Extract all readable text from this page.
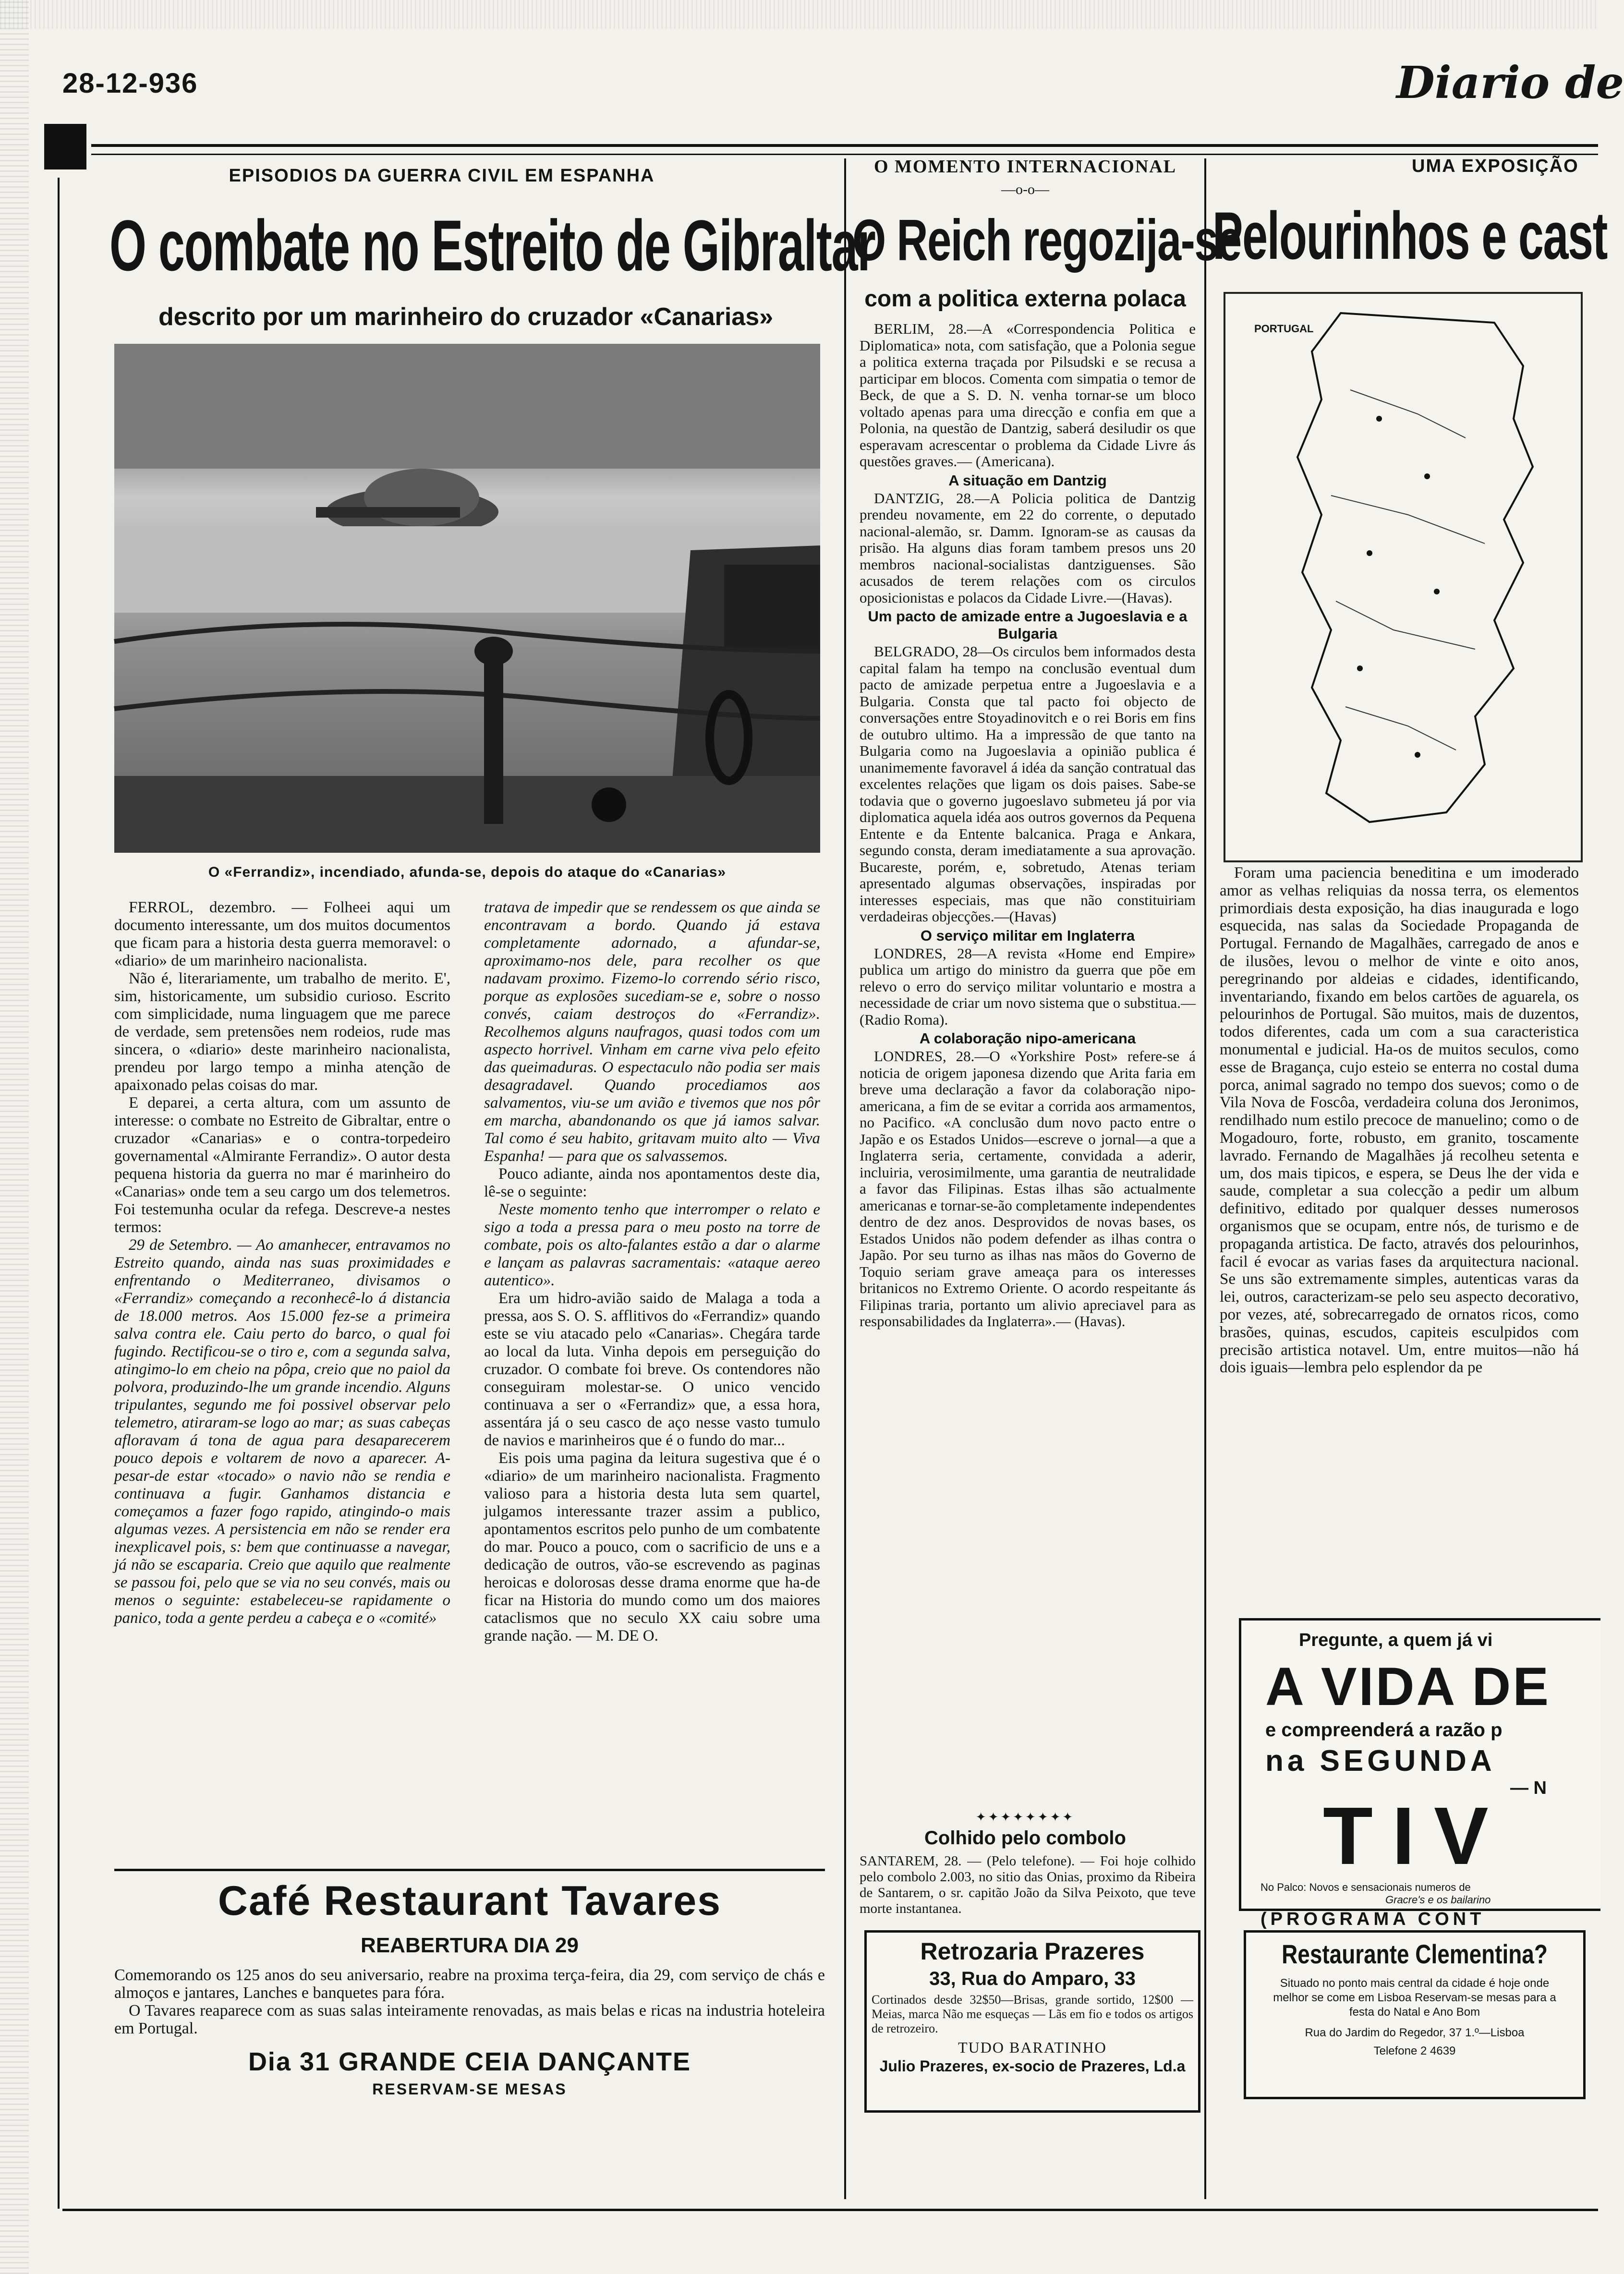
28-12-936	Diario de
EPISODIOS DA GUERRA CIVIL EM ESPANHA
O combate no Estreito de Gibraltar
descrito por um marinheiro do cruzador «Canarias»
O «Ferrandiz», incendiado, afunda-se, depois do ataque do «Canarias»

FERROL, dezembro. — Folheei aqui um documento interessante, um dos muitos documentos que ficam para a historia desta guerra memoravel: o «diario» de um marinheiro nacionalista.

Não é, literariamente, um trabalho de merito. E', sim, historicamente, um subsidio curioso. Escrito com simplicidade, numa linguagem que me parece de verdade, sem pretensões nem rodeios, rude mas sincera, o «diario» deste marinheiro nacionalista, prendeu por largo tempo a minha atenção de apaixonado pelas coisas do mar.

E deparei, a certa altura, com um assunto de interesse: o combate no Estreito de Gibraltar, entre o cruzador «Canarias» e o contra-torpedeiro governamental «Almirante Ferrandiz». O autor desta pequena historia da guerra no mar é marinheiro do «Canarias» onde tem a seu cargo um dos telemetros. Foi testemunha ocular da refega. Descreve-a nestes termos:

29 de Setembro. — Ao amanhecer, entravamos no Estreito quando, ainda nas suas proximidades e enfrentando o Mediterraneo, divisamos o «Ferrandiz» começando a reconhecê-lo á distancia de 18.000 metros. Aos 15.000 fez-se a primeira salva contra ele. Caiu perto do barco, o qual foi fugindo. Rectificou-se o tiro e, com a segunda salva, atingimo-lo em cheio na pôpa, creio que no paiol da polvora, produzindo-lhe um grande incendio. Alguns tripulantes, segundo me foi possivel observar pelo telemetro, atiraram-se logo ao mar; as suas cabeças afloravam á tona de agua para desaparecerem pouco depois e voltarem de novo a aparecer. A-pesar-de estar «tocado» o navio não se rendia e continuava a fugir. Ganhamos distancia e começamos a fazer fogo rapido, atingindo-o mais algumas vezes. A persistencia em não se render era inexplicavel pois, s: bem que continuasse a navegar, já não se escaparia. Creio que aquilo que realmente se passou foi, pelo que se via no seu convés, mais ou menos o seguinte: estabeleceu-se rapidamente o panico, toda a gente perdeu a cabeça e o «comité»

tratava de impedir que se rendessem os que ainda se encontravam a bordo. Quando já estava completamente adornado, a afundar-se, aproximamo-nos dele, para recolher os que nadavam proximo. Fizemo-lo correndo sério risco, porque as explosões sucediam-se e, sobre o nosso convés, caiam destroços do «Ferrandiz». Recolhemos alguns naufragos, quasi todos com um aspecto horrivel. Vinham em carne viva pelo efeito das queimaduras. O espectaculo não podia ser mais desagradavel. Quando procediamos aos salvamentos, viu-se um avião e tivemos que nos pôr em marcha, abandonando os que já iamos salvar. Tal como é seu habito, gritavam muito alto — Viva Espanha! — para que os salvassemos.

Pouco adiante, ainda nos apontamentos deste dia, lê-se o seguinte:

Neste momento tenho que interromper o relato e sigo a toda a pressa para o meu posto na torre de combate, pois os alto-falantes estão a dar o alarme e lançam as palavras sacramentais: «ataque aereo autentico».

Era um hidro-avião saido de Malaga a toda a pressa, aos S. O. S. afflitivos do «Ferrandiz» quando este se viu atacado pelo «Canarias». Chegára tarde ao local da luta. Vinha depois em perseguição do cruzador. O combate foi breve. Os contendores não conseguiram molestar-se. O unico vencido continuava a ser o «Ferrandiz» que, a essa hora, assentára já o seu casco de aço nesse vasto tumulo de navios e marinheiros que é o fundo do mar...

Eis pois uma pagina da leitura sugestiva que é o «diario» de um marinheiro nacionalista. Fragmento valioso para a historia desta luta sem quartel, julgamos interessante trazer assim a publico, apontamentos escritos pelo punho de um combatente do mar. Pouco a pouco, com o sacrificio de uns e a dedicação de outros, vão-se escrevendo as paginas heroicas e dolorosas desse drama enorme que ha-de ficar na Historia do mundo como um dos maiores cataclismos que no seculo XX caiu sobre uma grande nação. — M. DE O.

Café Restaurant Tavares
REABERTURA DIA 29
Comemorando os 125 anos do seu aniversario, reabre na proxima terça-feira, dia 29, com serviço de chás e almoços e jantares, Lanches e banquetes para fóra.
O Tavares reaparece com as suas salas inteiramente renovadas, as mais belas e ricas na industria hoteleira em Portugal.
Dia 31 GRANDE CEIA DANÇANTE
RESERVAM-SE MESAS
O MOMENTO INTERNACIONAL
—o-o—
O Reich regozija-se
com a politica externa polaca

BERLIM, 28.—A «Correspondencia Politica e Diplomatica» nota, com satisfação, que a Polonia segue a politica externa traçada por Pilsudski e se recusa a participar em blocos. Comenta com simpatia o temor de Beck, de que a S. D. N. venha tornar-se um bloco voltado apenas para uma direcção e confia em que a Polonia, na questão de Dantzig, saberá desiludir os que esperavam acrescentar o problema da Cidade Livre ás questões graves.— (Americana).

A situação em Dantzig

DANTZIG, 28.—A Policia politica de Dantzig prendeu novamente, em 22 do corrente, o deputado nacional-alemão, sr. Damm. Ignoram-se as causas da prisão. Ha alguns dias foram tambem presos uns 20 membros nacional-socialistas dantziguenses. São acusados de terem relações com os circulos oposicionistas e polacos da Cidade Livre.—(Havas).

Um pacto de amizade entre a Jugoeslavia e a Bulgaria

BELGRADO, 28—Os circulos bem informados desta capital falam ha tempo na conclusão eventual dum pacto de amizade perpetua entre a Jugoeslavia e a Bulgaria. Consta que tal pacto foi objecto de conversações entre Stoyadinovitch e o rei Boris em fins de outubro ultimo. Ha a impressão de que tanto na Bulgaria como na Jugoeslavia a opinião publica é unanimemente favoravel á idéa da sanção contratual das excelentes relações que ligam os dois paises. Sabe-se todavia que o governo jugoeslavo submeteu já por via diplomatica aquela idéa aos outros governos da Pequena Entente e da Entente balcanica. Praga e Ankara, segundo consta, deram imediatamente a sua aprovação. Bucareste, porém, e, sobretudo, Atenas teriam apresentado algumas observações, inspiradas por interesses especiais, mas que não constituiriam verdadeiras objecções.—(Havas)

O serviço militar em Inglaterra

LONDRES, 28—A revista «Home end Empire» publica um artigo do ministro da guerra que põe em relevo o erro do serviço militar voluntario e mostra a necessidade de criar um novo sistema que o substitua.—(Radio Roma).

A colaboração nipo-americana

LONDRES, 28.—O «Yorkshire Post» refere-se á noticia de origem japonesa dizendo que Arita faria em breve uma declaração a favor da colaboração nipo-americana, a fim de se evitar a corrida aos armamentos, no Pacifico. «A conclusão dum novo pacto entre o Japão e os Estados Unidos—escreve o jornal—a que a Inglaterra seria, certamente, convidada a aderir, incluiria, verosimilmente, uma garantia de neutralidade a favor das Filipinas. Estas ilhas são actualmente americanas e tornar-se-ão completamente independentes dentro de dez anos. Desprovidos de novas bases, os Estados Unidos não podem defender as ilhas contra o Japão. Por seu turno as ilhas nas mãos do Governo de Toquio seriam grave ameaça para os interesses britanicos no Extremo Oriente. O acordo respeitante ás Filipinas traria, portanto um alivio apreciavel para as responsabilidades da Inglaterra».— (Havas).

✦✦✦✦✦✦✦✦
Colhido pelo combolo
SANTAREM, 28. — (Pelo telefone). — Foi hoje colhido pelo combolo 2.003, no sitio das Onias, proximo da Ribeira de Santarem, o sr. capitão João da Silva Peixoto, que teve morte instantanea.
Retrozaria Prazeres
33, Rua do Amparo, 33
Cortinados desde 32$50—Brisas, grande sortido, 12$00 — Meias, marca Não me esqueças — Lãs em fio e todos os artigos de retrozeiro.
TUDO BARATINHO
Julio Prazeres, ex-socio de Prazeres, Ld.a
UMA EXPOSIÇÃO
Pelourinhos e cast
PORTUGAL

Foram uma paciencia beneditina e um imoderado amor as velhas reliquias da nossa terra, os elementos primordiais desta exposição, ha dias inaugurada e logo esquecida, nas salas da Sociedade Propaganda de Portugal. Fernando de Magalhães, carregado de anos e de ilusões, levou o melhor de vinte e oito anos, peregrinando por aldeias e cidades, identificando, inventariando, fixando em belos cartões de aguarela, os pelourinhos de Portugal. São muitos, mais de duzentos, todos diferentes, cada um com a sua caracteristica monumental e judicial. Ha-os de muitos seculos, como esse de Bragança, cujo esteio se enterra no costal duma porca, animal sagrado no tempo dos suevos; como o de Vila Nova de Foscôa, verdadeira coluna dos Jeronimos, rendilhado num estilo precoce de manuelino; como o de Mogadouro, forte, robusto, em granito, toscamente lavrado. Fernando de Magalhães já recolheu setenta e um, dos mais tipicos, e espera, se Deus lhe der vida e saude, completar a sua colecção a pedir um album definitivo, editado por qualquer desses numerosos organismos que se ocupam, entre nós, de turismo e de propaganda artistica. De facto, através dos pelourinhos, facil é evocar as varias fases da arquitectura nacional. Se uns são extremamente simples, autenticas varas da lei, outros, caracterizam-se pelo seu aspecto decorativo, por vezes, até, sobrecarregado de ornatos ricos, como brasões, quinas, escudos, capiteis esculpidos com precisão artistica notavel. Um, entre muitos—não há dois iguais—lembra pelo esplendor da pe

Pregunte, a quem já vi
A VIDA DE
e compreenderá a razão p
na SEGUNDA
— N
TIV
No Palco: Novos e sensacionais numeros de
Gracre's e os bailarino
(PROGRAMA CONT
Restaurante Clementina?
Situado no ponto mais central da cidade é hoje onde melhor se come em Lisboa Reservam-se mesas para a festa do Natal e Ano Bom
Rua do Jardim do Regedor, 37 1.º—Lisboa
Telefone 2 4639
